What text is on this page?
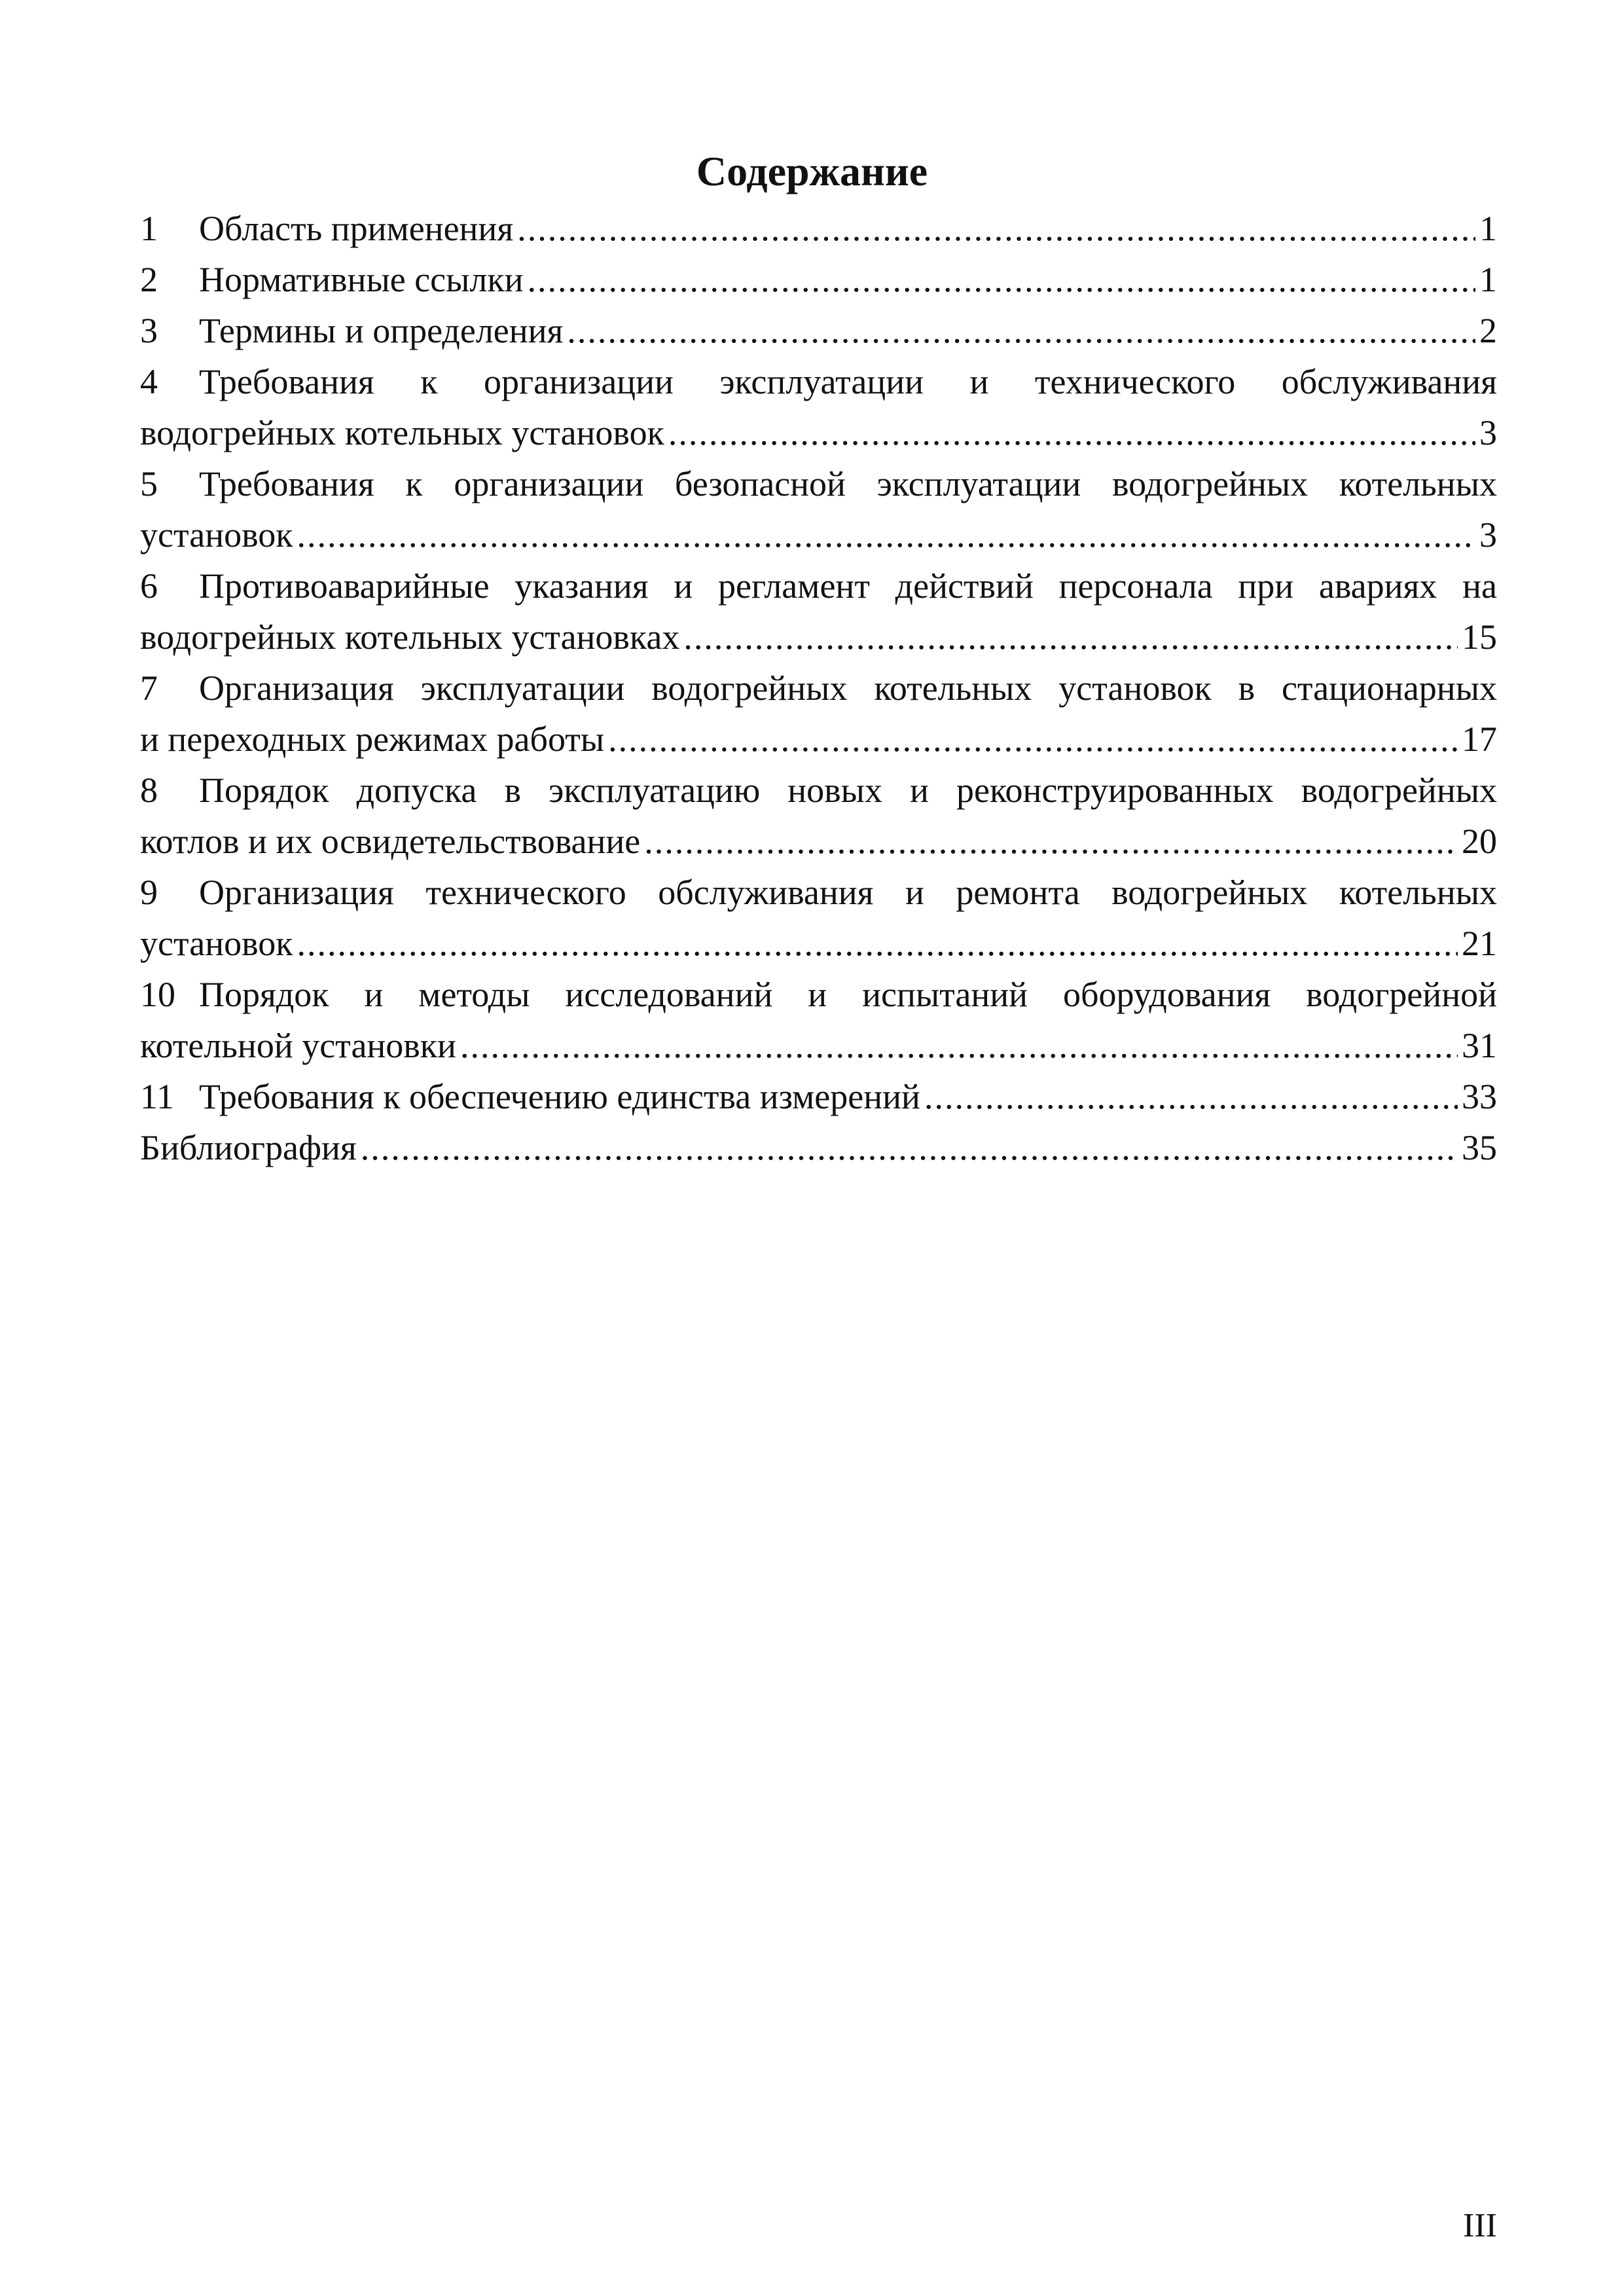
Содержание
1 Область применения .....	1
2 Нормативные ссылки .....	1
3 Термины и определения .....	2
4 Требования к организации эксплуатации и технического обслуживания
водогрейных котельных установок .....	3
5 Требования к организации безопасной эксплуатации водогрейных котельных
установок .....	3
6 Противоаварийные указания и регламент действий персонала при авариях на
водогрейных котельных установках .....	15
7 Организация эксплуатации водогрейных котельных установок в стационарных
и переходных режимах работы .....	17
8 Порядок допуска в эксплуатацию новых и реконструированных водогрейных
котлов и их освидетельствование .....	20
9 Организация технического обслуживания и ремонта водогрейных котельных
установок .....	21
10 Порядок и методы исследований и испытаний оборудования водогрейной
котельной установки .....	31
11 Требования к обеспечению единства измерений .....	33
Библиография .....	35
III
